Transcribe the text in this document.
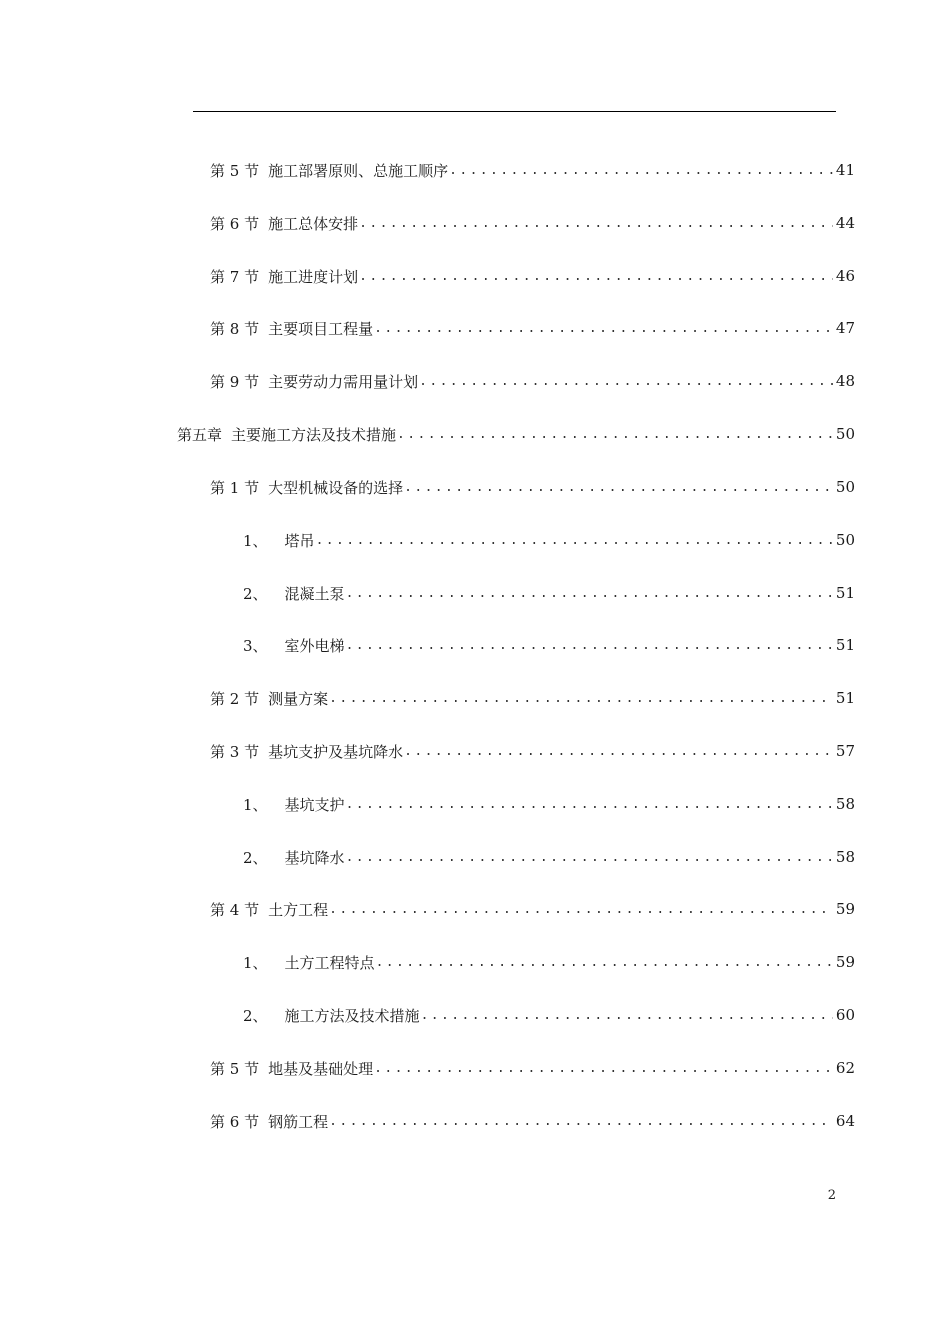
第 5 节 施工部署原则、总施工顺序 .....	41
第 6 节 施工总体安排 .....	44
第 7 节 施工进度计划 .....	46
第 8 节 主要项目工程量 .....	47
第 9 节 主要劳动力需用量计划 .....	48
第五章 主要施工方法及技术措施 .....	50
第 1 节 大型机械设备的选择 .....	50
1、 塔吊 .....	50
2、 混凝土泵 .....	51
3、 室外电梯 .....	51
第 2 节 测量方案 .....	51
第 3 节 基坑支护及基坑降水 .....	57
1、 基坑支护 .....	58
2、 基坑降水 .....	58
第 4 节 土方工程 .....	59
1、 土方工程特点 .....	59
2、 施工方法及技术措施 .....	60
第 5 节 地基及基础处理 .....	62
第 6 节 钢筋工程 .....	64
2
